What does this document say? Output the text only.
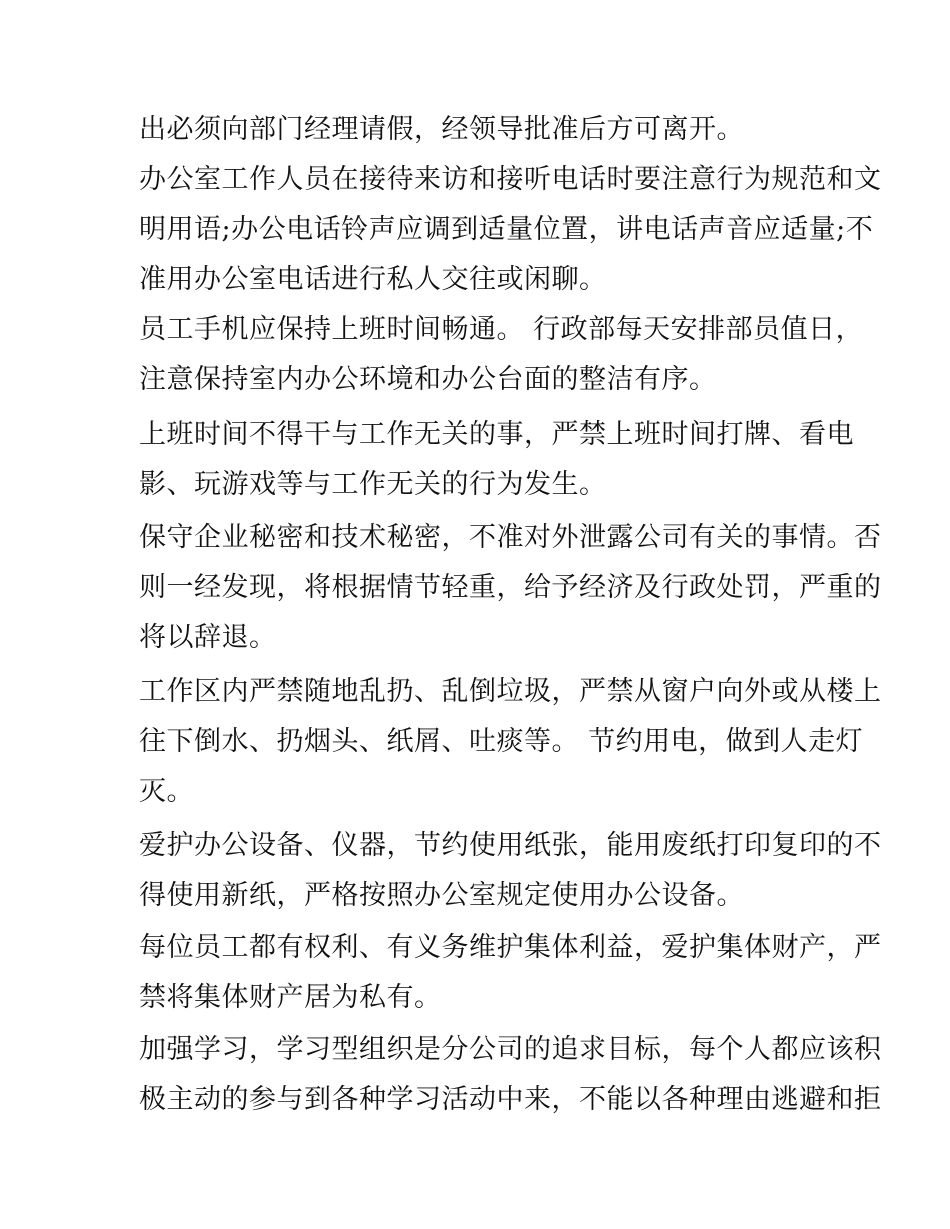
出必须向部门经理请假，经领导批准后方可离开。

办公室工作人员在接待来访和接听电话时要注意行为规范和文

明用语;办公电话铃声应调到适量位置，讲电话声音应适量;不

准用办公室电话进行私人交往或闲聊。

员工手机应保持上班时间畅通。 行政部每天安排部员值日，

注意保持室内办公环境和办公台面的整洁有序。

上班时间不得干与工作无关的事，严禁上班时间打牌、看电

影、玩游戏等与工作无关的行为发生。

保守企业秘密和技术秘密，不准对外泄露公司有关的事情。否

则一经发现，将根据情节轻重，给予经济及行政处罚，严重的

将以辞退。

工作区内严禁随地乱扔、乱倒垃圾，严禁从窗户向外或从楼上

往下倒水、扔烟头、纸屑、吐痰等。 节约用电，做到人走灯

灭。

爱护办公设备、仪器，节约使用纸张，能用废纸打印复印的不

得使用新纸，严格按照办公室规定使用办公设备。

每位员工都有权利、有义务维护集体利益，爱护集体财产，严

禁将集体财产居为私有。

加强学习，学习型组织是分公司的追求目标，每个人都应该积

极主动的参与到各种学习活动中来，不能以各种理由逃避和拒
